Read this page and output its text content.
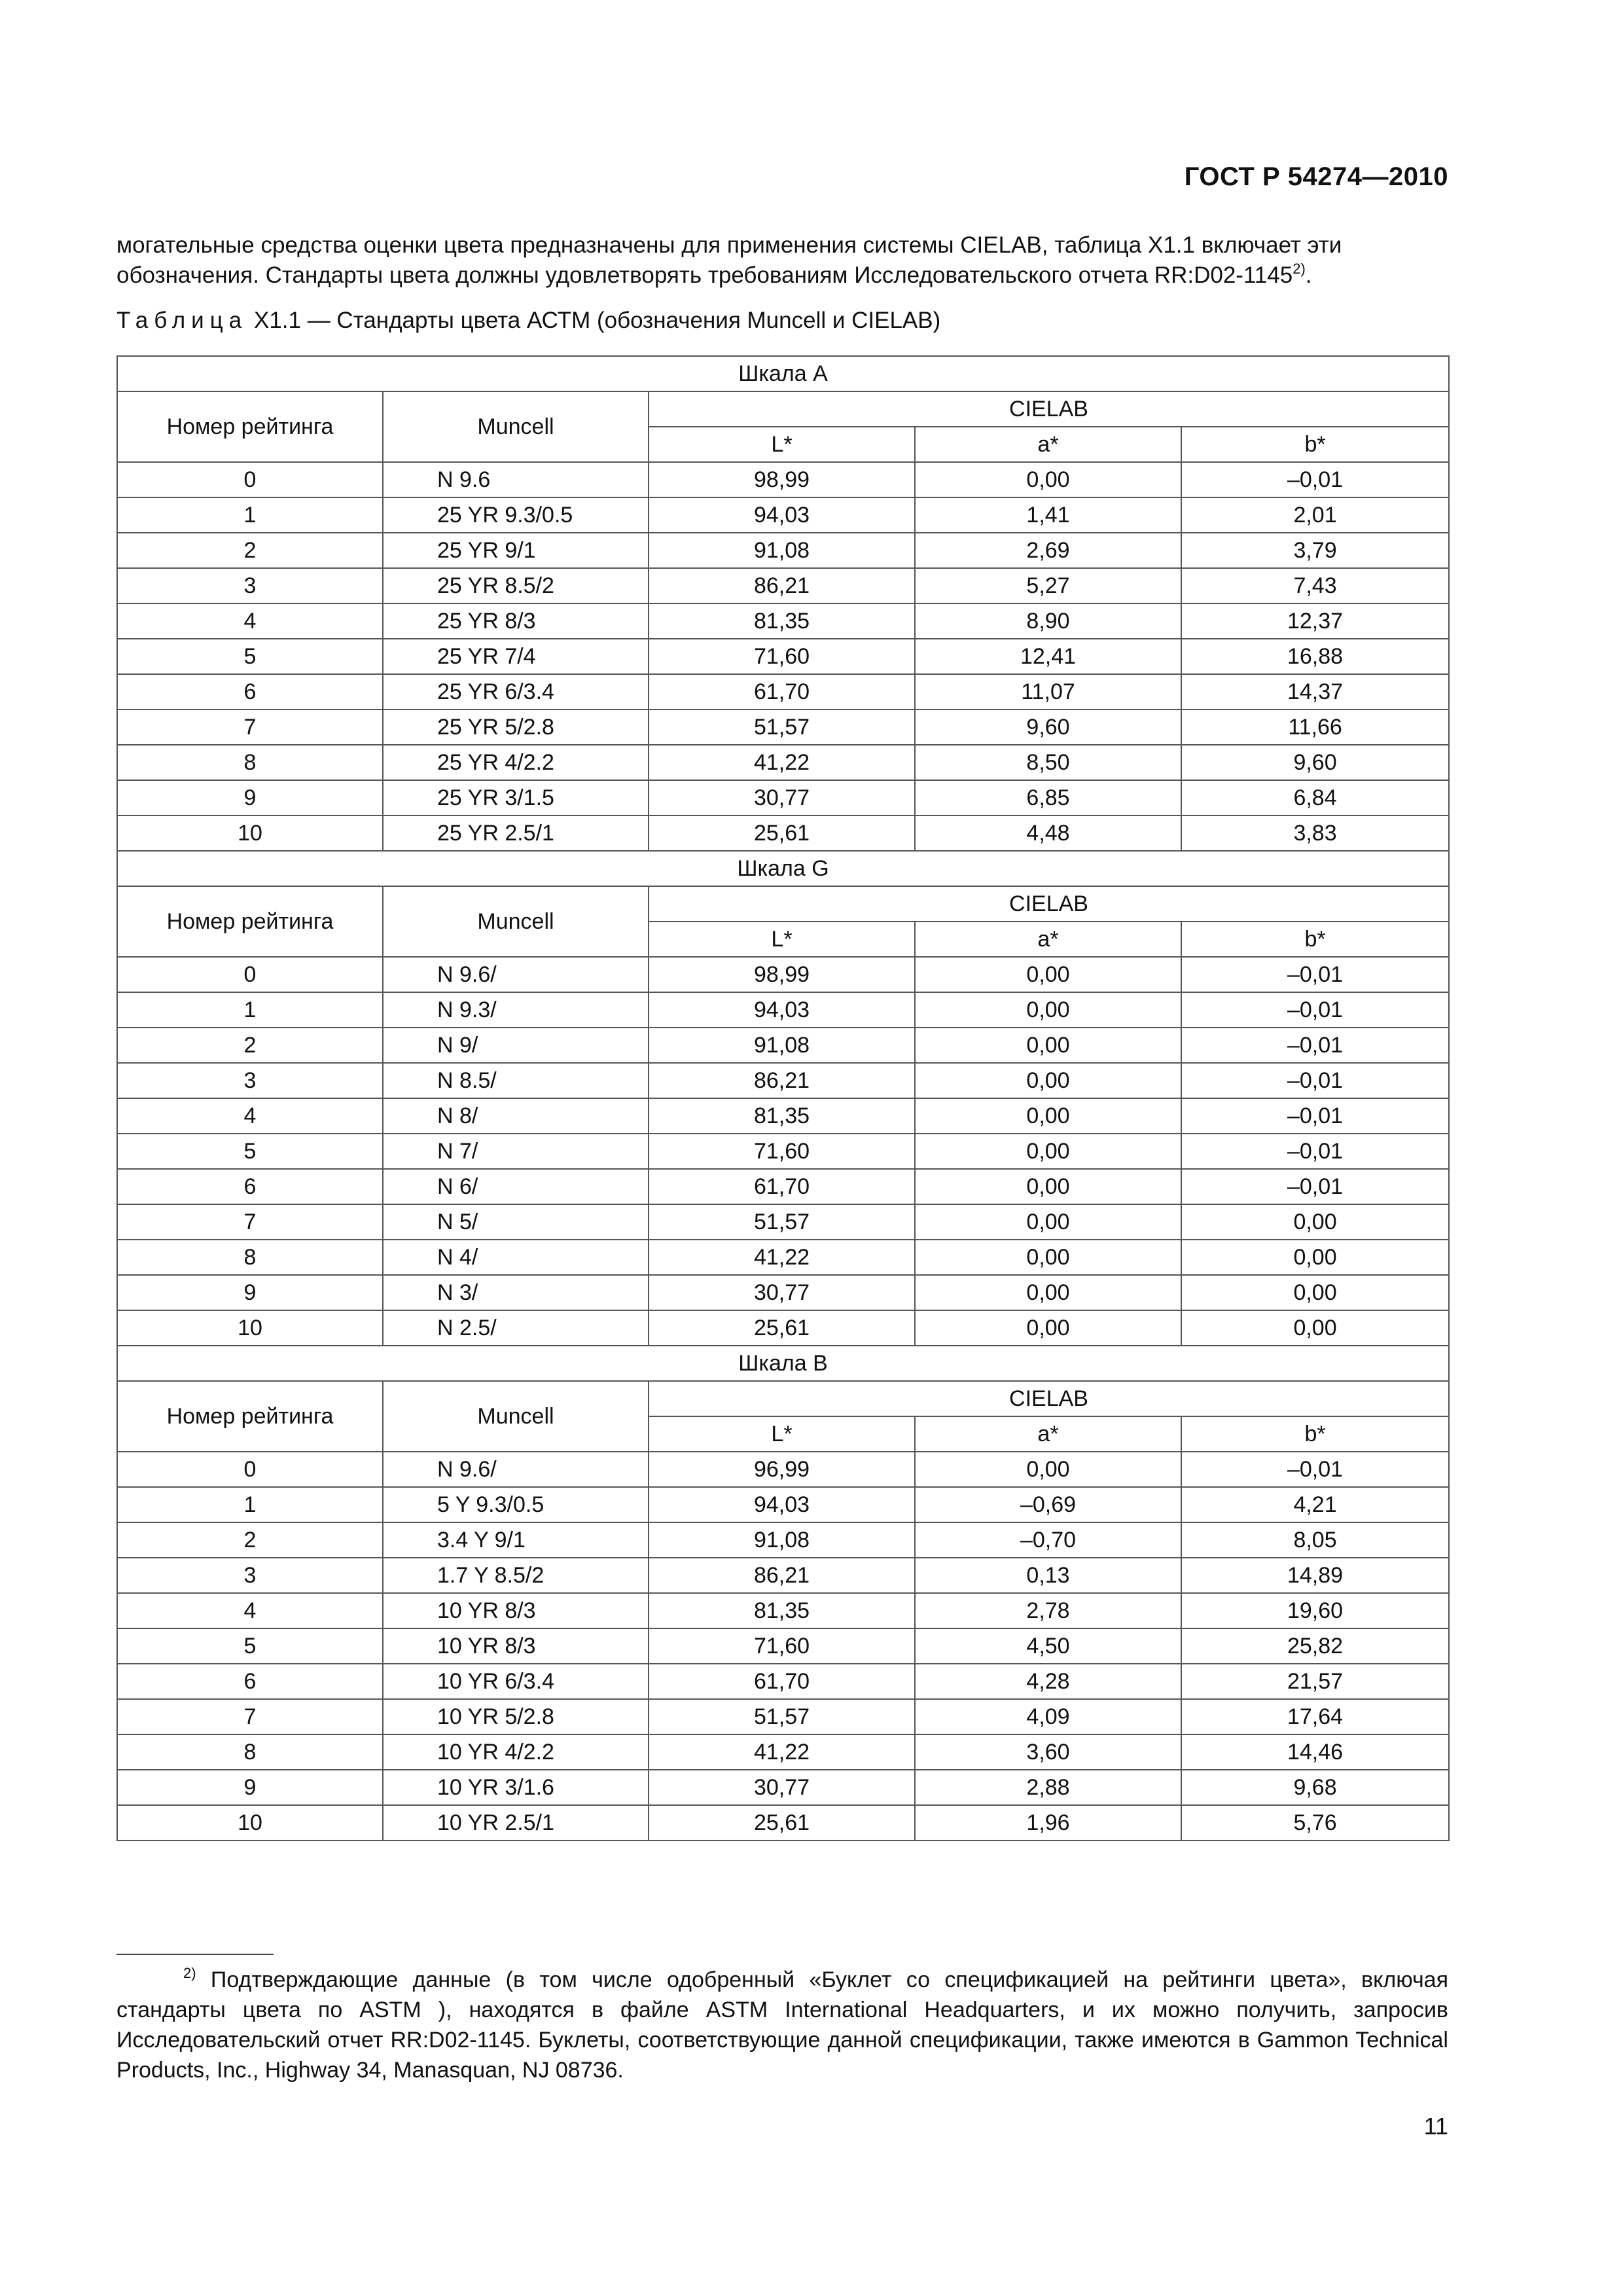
ГОСТ Р 54274—2010
могательные средства оценки цвета предназначены для применения системы CIELAB, таблица X1.1 включает эти
обозначения. Стандарты цвета должны удовлетворять требованиям Исследовательского отчета RR:D02-1145$^{2)}$.
Таблица X1.1 — Стандарты цвета АСТМ (обозначения Muncell и CIELAB)
Шкала А				
Номер рейтинга	Muncell	CIELAB		
		L*	a*	b*
0	N 9.6	98,99	0,00	–0,01
1	25 YR 9.3/0.5	94,03	1,41	2,01
2	25 YR 9/1	91,08	2,69	3,79
3	25 YR 8.5/2	86,21	5,27	7,43
4	25 YR 8/3	81,35	8,90	12,37
5	25 YR 7/4	71,60	12,41	16,88
6	25 YR 6/3.4	61,70	11,07	14,37
7	25 YR 5/2.8	51,57	9,60	11,66
8	25 YR 4/2.2	41,22	8,50	9,60
9	25 YR 3/1.5	30,77	6,85	6,84
10	25 YR 2.5/1	25,61	4,48	3,83
Шкала G				
Номер рейтинга	Muncell	CIELAB		
		L*	a*	b*
0	N 9.6/	98,99	0,00	–0,01
1	N 9.3/	94,03	0,00	–0,01
2	N 9/	91,08	0,00	–0,01
3	N 8.5/	86,21	0,00	–0,01
4	N 8/	81,35	0,00	–0,01
5	N 7/	71,60	0,00	–0,01
6	N 6/	61,70	0,00	–0,01
7	N 5/	51,57	0,00	0,00
8	N 4/	41,22	0,00	0,00
9	N 3/	30,77	0,00	0,00
10	N 2.5/	25,61	0,00	0,00
Шкала В				
Номер рейтинга	Muncell	CIELAB		
		L*	a*	b*
0	N 9.6/	96,99	0,00	–0,01
1	5 Y 9.3/0.5	94,03	–0,69	4,21
2	3.4 Y 9/1	91,08	–0,70	8,05
3	1.7 Y 8.5/2	86,21	0,13	14,89
4	10 YR 8/3	81,35	2,78	19,60
5	10 YR 8/3	71,60	4,50	25,82
6	10 YR 6/3.4	61,70	4,28	21,57
7	10 YR 5/2.8	51,57	4,09	17,64
8	10 YR 4/2.2	41,22	3,60	14,46
9	10 YR 3/1.6	30,77	2,88	9,68
10	10 YR 2.5/1	25,61	1,96	5,76
$^{2)}$ Подтверждающие данные (в том числе одобренный «Буклет со спецификацией на рейтинги цвета», включая стандарты цвета по ASTM ), находятся в файле ASTM International Headquarters, и их можно получить, запросив Исследовательский отчет RR:D02-1145. Буклеты, соответствующие данной спецификации, также имеются в Gammon Technical Products, Inc., Highway 34, Manasquan, NJ 08736.
11
